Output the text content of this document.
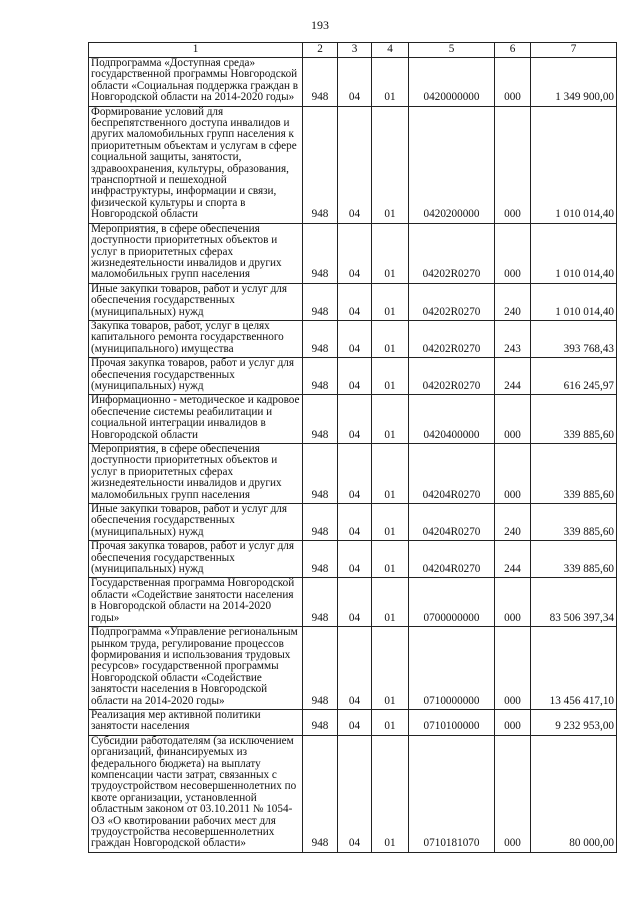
193
1	2	3	4	5	6	7
Подпрограмма «Доступная среда» государственной программы Новгородской области «Социальная поддержка граждан в Новгородской области на 2014-2020 годы»	948	04	01	0420000000	000	1 349 900,00
Формирование условий для беспрепятственного доступа инвалидов и других маломобильных групп населения к приоритетным объектам и услугам в сфере социальной защиты, занятости, здравоохранения, культуры, образования, транспортной и пешеходной инфраструктуры, информации и связи, физической культуры и спорта в Новгородской области	948	04	01	0420200000	000	1 010 014,40
Мероприятия, в сфере обеспечения доступности приоритетных объектов и услуг в приоритетных сферах жизнедеятельности инвалидов и других маломобильных групп населения	948	04	01	04202R0270	000	1 010 014,40
Иные закупки товаров, работ и услуг для обеспечения государственных (муниципальных) нужд	948	04	01	04202R0270	240	1 010 014,40
Закупка товаров, работ, услуг в целях капитального ремонта государственного (муниципального) имущества	948	04	01	04202R0270	243	393 768,43
Прочая закупка товаров, работ и услуг для обеспечения государственных (муниципальных) нужд	948	04	01	04202R0270	244	616 245,97
Информационно - методическое и кадровое обеспечение системы реабилитации и социальной интеграции инвалидов в Новгородской области	948	04	01	0420400000	000	339 885,60
Мероприятия, в сфере обеспечения доступности приоритетных объектов и услуг в приоритетных сферах жизнедеятельности инвалидов и других маломобильных групп населения	948	04	01	04204R0270	000	339 885,60
Иные закупки товаров, работ и услуг для обеспечения государственных (муниципальных) нужд	948	04	01	04204R0270	240	339 885,60
Прочая закупка товаров, работ и услуг для обеспечения государственных (муниципальных) нужд	948	04	01	04204R0270	244	339 885,60
Государственная программа Новгородской области «Содействие занятости населения в Новгородской области на 2014-2020 годы»	948	04	01	0700000000	000	83 506 397,34
Подпрограмма «Управление региональным рынком труда, регулирование процессов формирования и использования трудовых ресурсов» государственной программы Новгородской области «Содействие занятости населения в Новгородской области на 2014-2020 годы»	948	04	01	0710000000	000	13 456 417,10
Реализация мер активной политики занятости населения	948	04	01	0710100000	000	9 232 953,00
Субсидии работодателям (за исключением организаций, финансируемых из федерального бюджета) на выплату компенсации части затрат, связанных с трудоустройством несовершеннолетних по квоте организации, установленной областным законом от 03.10.2011 № 1054-ОЗ «О квотировании рабочих мест для трудоустройства несовершеннолетних граждан Новгородской области»	948	04	01	0710181070	000	80 000,00
